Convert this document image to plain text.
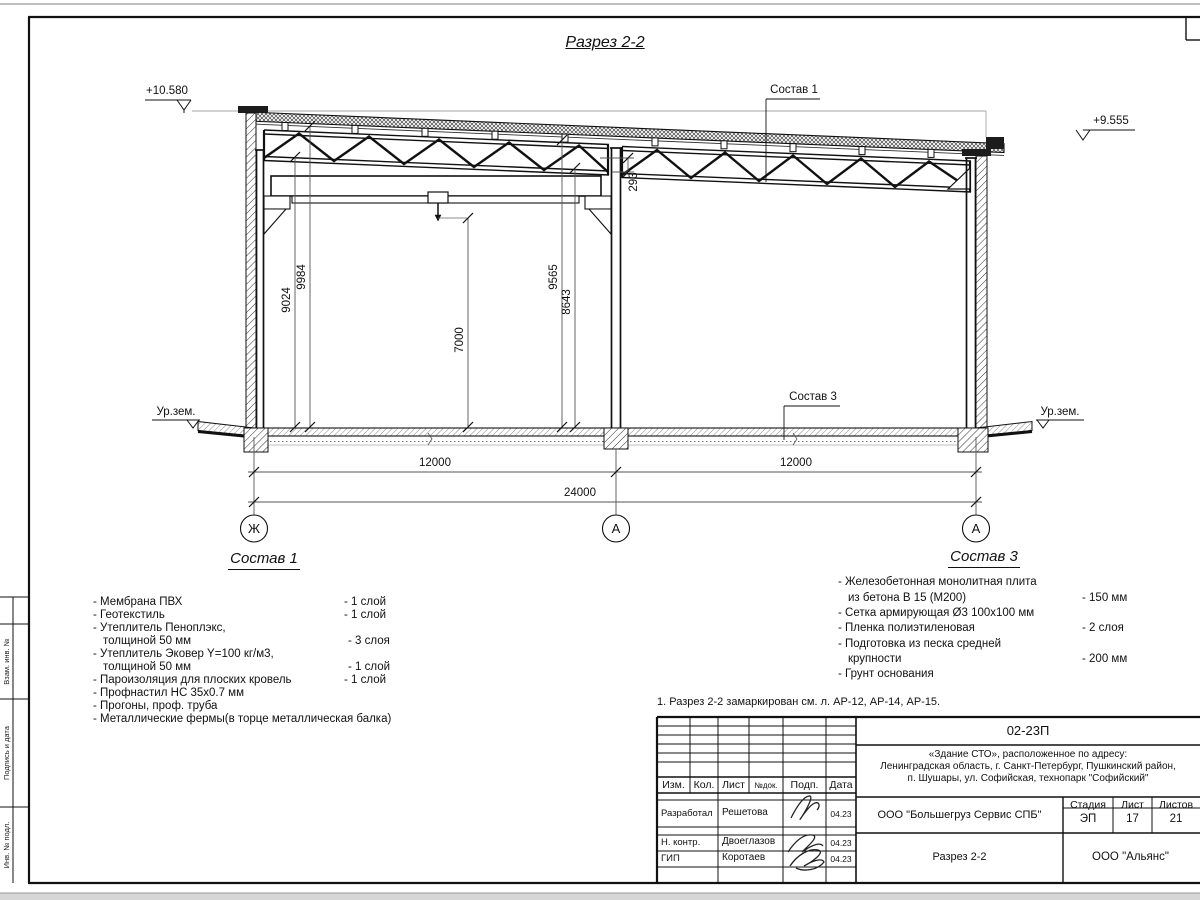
Разрез 2-2
+10.580
+9.555
Ур.зем.	Ур.зем.
Состав 1
Состав 3
9024
9984
7000
9565
8643
293
12000	12000
24000
Ж	А	А
Состав 1
- Мембрана ПВХ	- 1 слой
- Геотекстиль	- 1 слой
- Утеплитель Пеноплэкс,
толщиной 50 мм	- 3 слоя
- Утеплитель Эковер Y=100 кг/м3,
толщиной 50 мм	- 1 слой
- Пароизоляция для плоских кровель	- 1 слой
- Профнастил НС 35х0.7 мм
- Прогоны, проф. труба
- Металлические фермы(в торце металлическая балка)
Состав 3
- Железобетонная монолитная плита
из бетона В 15 (М200)	- 150 мм
- Сетка армирующая Ø3 100х100 мм
- Пленка полиэтиленовая	- 2 слоя
- Подготовка из песка средней
крупности	- 200 мм
- Грунт основания
1. Разрез 2-2 замаркирован см. л. АР-12, АР-14, АР-15.
02-23П
«Здание СТО», расположенное по адресу:
Ленинградская область, г. Санкт-Петербург, Пушкинский район,
п. Шушары, ул. Софийская, технопарк "Софийский"
ООО "Большегруз Сервис СПБ"
Разрез 2-2	ООО "Альянс"
Стадия	Лист	Листов
ЭП	17	21
Изм. Кол. Лист	№док.	Подп.	Дата
Разработал Решетова	04.23
Н. контр. Двоеглазов	04.23
ГИП	Коротаев	04.23
Взам. инв. №
Подпись и дата
Инв. № подл.
